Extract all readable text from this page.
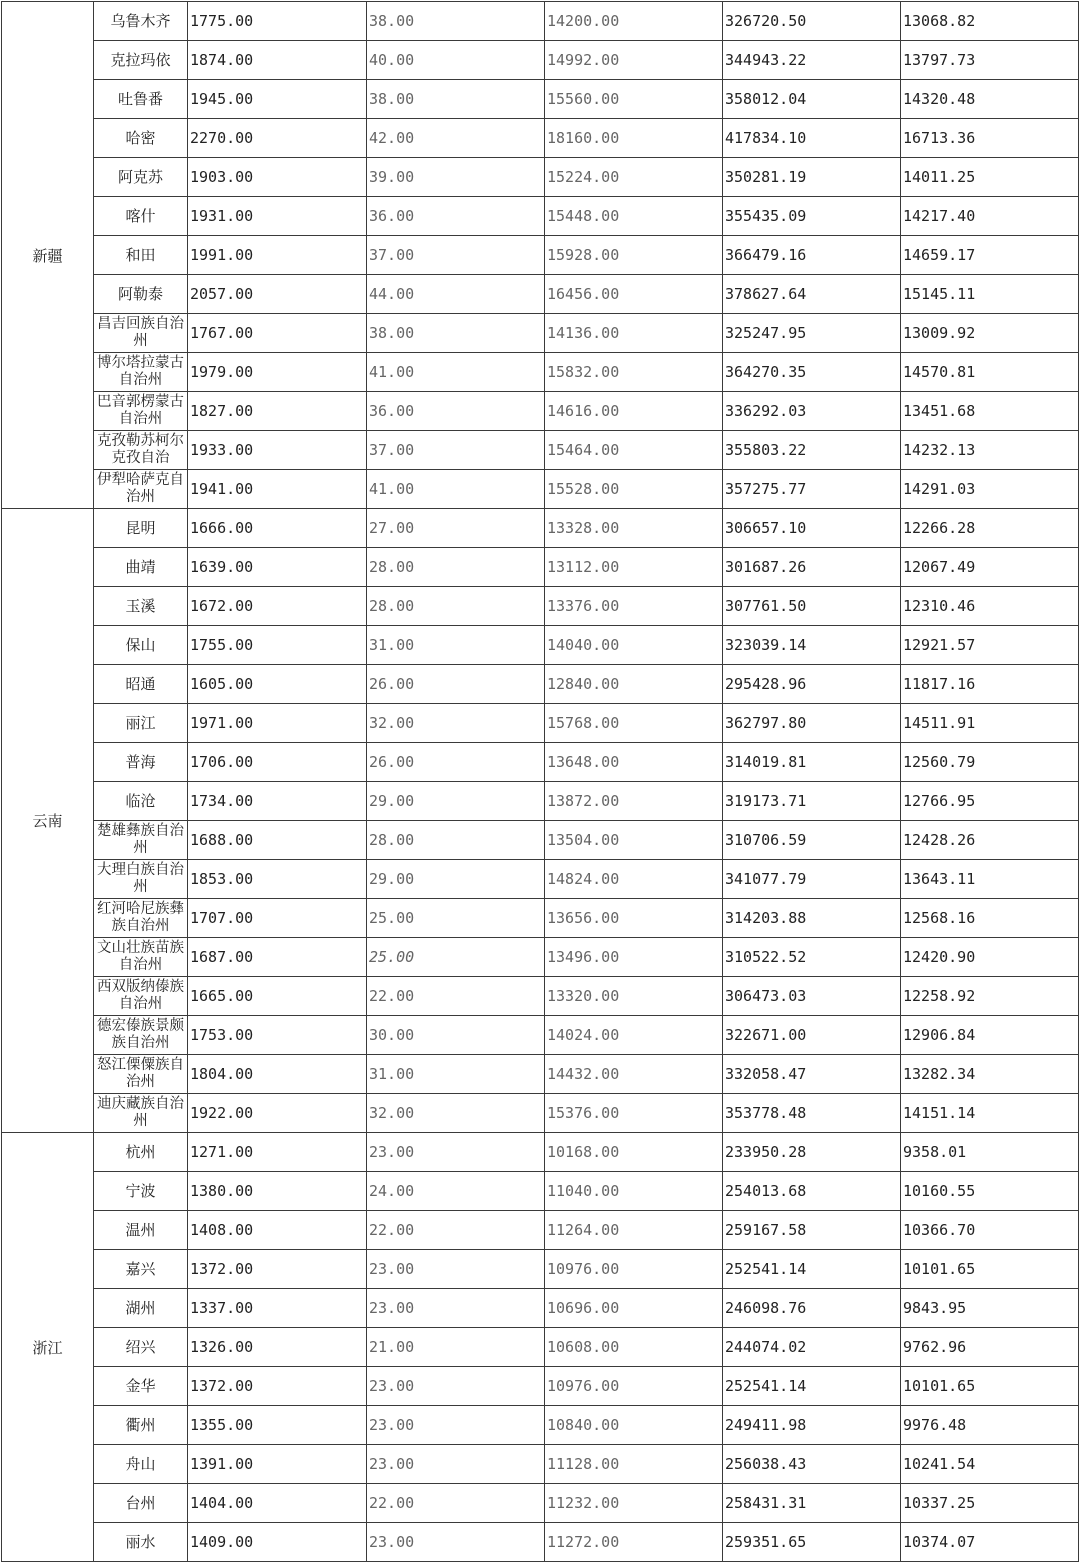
新疆	乌鲁木齐	1775.00	38.00	14200.00	326720.50	13068.82
	克拉玛依	1874.00	40.00	14992.00	344943.22	13797.73
	吐鲁番	1945.00	38.00	15560.00	358012.04	14320.48
	哈密	2270.00	42.00	18160.00	417834.10	16713.36
	阿克苏	1903.00	39.00	15224.00	350281.19	14011.25
	喀什	1931.00	36.00	15448.00	355435.09	14217.40
	和田	1991.00	37.00	15928.00	366479.16	14659.17
	阿勒泰	2057.00	44.00	16456.00	378627.64	15145.11
	昌吉回族自治州	1767.00	38.00	14136.00	325247.95	13009.92
	博尔塔拉蒙古自治州	1979.00	41.00	15832.00	364270.35	14570.81
	巴音郭楞蒙古自治州	1827.00	36.00	14616.00	336292.03	13451.68
	克孜勒苏柯尔克孜自治	1933.00	37.00	15464.00	355803.22	14232.13
	伊犁哈萨克自治州	1941.00	41.00	15528.00	357275.77	14291.03
云南	昆明	1666.00	27.00	13328.00	306657.10	12266.28
	曲靖	1639.00	28.00	13112.00	301687.26	12067.49
	玉溪	1672.00	28.00	13376.00	307761.50	12310.46
	保山	1755.00	31.00	14040.00	323039.14	12921.57
	昭通	1605.00	26.00	12840.00	295428.96	11817.16
	丽江	1971.00	32.00	15768.00	362797.80	14511.91
	普海	1706.00	26.00	13648.00	314019.81	12560.79
	临沧	1734.00	29.00	13872.00	319173.71	12766.95
	楚雄彝族自治州	1688.00	28.00	13504.00	310706.59	12428.26
	大理白族自治州	1853.00	29.00	14824.00	341077.79	13643.11
	红河哈尼族彝族自治州	1707.00	25.00	13656.00	314203.88	12568.16
	文山壮族苗族自治州	1687.00	25.00	13496.00	310522.52	12420.90
	西双版纳傣族自治州	1665.00	22.00	13320.00	306473.03	12258.92
	德宏傣族景颇族自治州	1753.00	30.00	14024.00	322671.00	12906.84
	怒江傈僳族自治州	1804.00	31.00	14432.00	332058.47	13282.34
	迪庆藏族自治州	1922.00	32.00	15376.00	353778.48	14151.14
浙江	杭州	1271.00	23.00	10168.00	233950.28	9358.01
	宁波	1380.00	24.00	11040.00	254013.68	10160.55
	温州	1408.00	22.00	11264.00	259167.58	10366.70
	嘉兴	1372.00	23.00	10976.00	252541.14	10101.65
	湖州	1337.00	23.00	10696.00	246098.76	9843.95
	绍兴	1326.00	21.00	10608.00	244074.02	9762.96
	金华	1372.00	23.00	10976.00	252541.14	10101.65
	衢州	1355.00	23.00	10840.00	249411.98	9976.48
	舟山	1391.00	23.00	11128.00	256038.43	10241.54
	台州	1404.00	22.00	11232.00	258431.31	10337.25
	丽水	1409.00	23.00	11272.00	259351.65	10374.07
